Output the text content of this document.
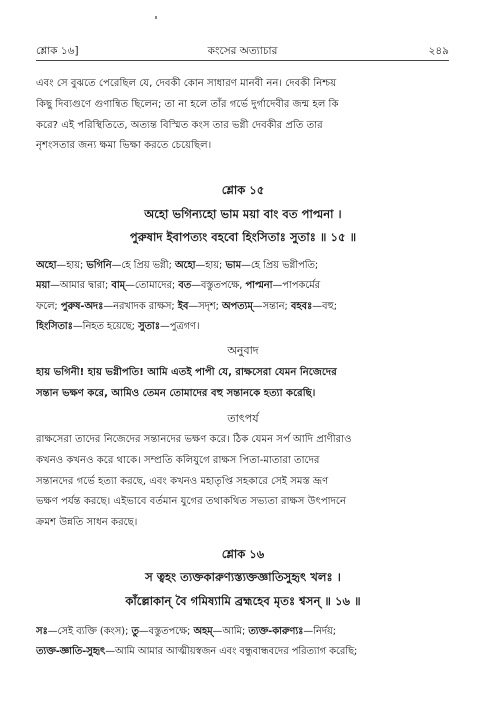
শ্লোক ১৬]	কংসের অত্যাচার	২৪৯
এবং সে বুঝতে পেরেছিল যে, দেবকী কোন সাধারণ মানবী নন। দেবকী নিশ্চয়
কিছু দিব্যগুণে গুণান্বিত ছিলেন; তা না হলে তাঁর গর্ভে দুর্গাদেবীর জন্ম হল কি
করে? এই পরিস্থিতিতে, অত্যন্ত বিস্মিত কংস তার ভগ্নী দেবকীর প্রতি তার
নৃশংসতার জন্য ক্ষমা ভিক্ষা করতে চেয়েছিল।
শ্লোক ১৫
অহো ভগিন্যহো ভাম ময়া বাং বত পাপ্মনা ।
পুরুষাদ ইবাপত্যং বহবো হিংসিতাঃ সুতাঃ ॥ ১৫ ॥
অহো—হায়; ভগিনি—হে প্রিয় ভগ্নী; অহো—হায়; ভাম—হে প্রিয় ভগ্নীপতি;
ময়া—আমার দ্বারা; বাম্—তোমাদের; বত—বস্তুতপক্ষে, পাপ্মনা—পাপকর্মের
ফলে; পুরুষ-অদঃ—নরখাদক রাক্ষস; ইব—সদৃশ; অপত্যম্—সন্তান; বহবঃ—বহু;
হিংসিতাঃ—নিহত হয়েছে; সুতাঃ—পুত্রগণ।
অনুবাদ
হায় ভগিনী! হায় ভগ্নীপতি! আমি এতই পাপী যে, রাক্ষসেরা যেমন নিজেদের
সন্তান ভক্ষণ করে, আমিও তেমন তোমাদের বহু সন্তানকে হত্যা করেছি।
তাৎপর্য
রাক্ষসেরা তাদের নিজেদের সন্তানদের ভক্ষণ করে। ঠিক যেমন সর্প আদি প্রাণীরাও
কখনও কখনও করে থাকে। সম্প্রতি কলিযুগে রাক্ষস পিতা-মাতারা তাদের
সন্তানদের গর্ভে হত্যা করছে, এবং কখনও মহাতৃপ্তি সহকারে সেই সমস্ত ভ্রূণ
ভক্ষণ পর্যন্ত করছে। এইভাবে বর্তমান যুগের তথাকথিত সভ্যতা রাক্ষস উৎপাদনে
ক্রমশ উন্নতি সাধন করছে।
শ্লোক ১৬
স ত্বহং ত্যক্তকারুণ্যস্ত্যক্তজ্ঞাতিসুহৃৎ খলঃ ।
কাঁল্লোকান্ বৈ গমিষ্যামি ব্রহ্মহেব মৃতঃ শ্বসন্ ॥ ১৬ ॥
সঃ—সেই ব্যক্তি (কংস); তু—বস্তুতপক্ষে; অহম্—আমি; ত্যক্ত-কারুণ্যঃ—নির্দয়;
ত্যক্ত-জ্ঞাতি-সুহৃৎ—আমি আমার আত্মীয়স্বজন এবং বন্ধুবান্ধবদের পরিত্যাগ করেছি;
